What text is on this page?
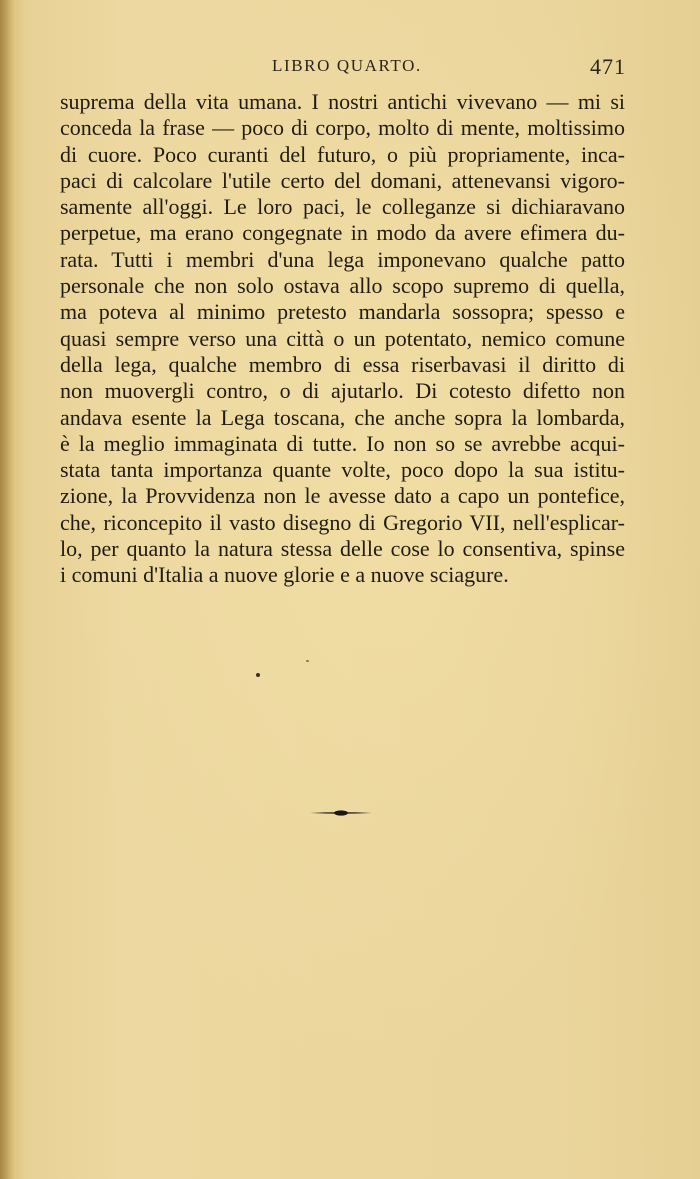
LIBRO QUARTO.	471
suprema della vita umana. I nostri antichi vivevano — mi si
conceda la frase — poco di corpo, molto di mente, moltissimo
di cuore. Poco curanti del futuro, o più propriamente, inca-
paci di calcolare l'utile certo del domani, attenevansi vigoro-
samente all'oggi. Le loro paci, le colleganze si dichiaravano
perpetue, ma erano congegnate in modo da avere efimera du-
rata. Tutti i membri d'una lega imponevano qualche patto
personale che non solo ostava allo scopo supremo di quella,
ma poteva al minimo pretesto mandarla sossopra; spesso e
quasi sempre verso una città o un potentato, nemico comune
della lega, qualche membro di essa riserbavasi il diritto di
non muovergli contro, o di ajutarlo. Di cotesto difetto non
andava esente la Lega toscana, che anche sopra la lombarda,
è la meglio immaginata di tutte. Io non so se avrebbe acqui-
stata tanta importanza quante volte, poco dopo la sua istitu-
zione, la Provvidenza non le avesse dato a capo un pontefice,
che, riconcepito il vasto disegno di Gregorio VII, nell'esplicar-
lo, per quanto la natura stessa delle cose lo consentiva, spinse
i comuni d'Italia a nuove glorie e a nuove sciagure.
